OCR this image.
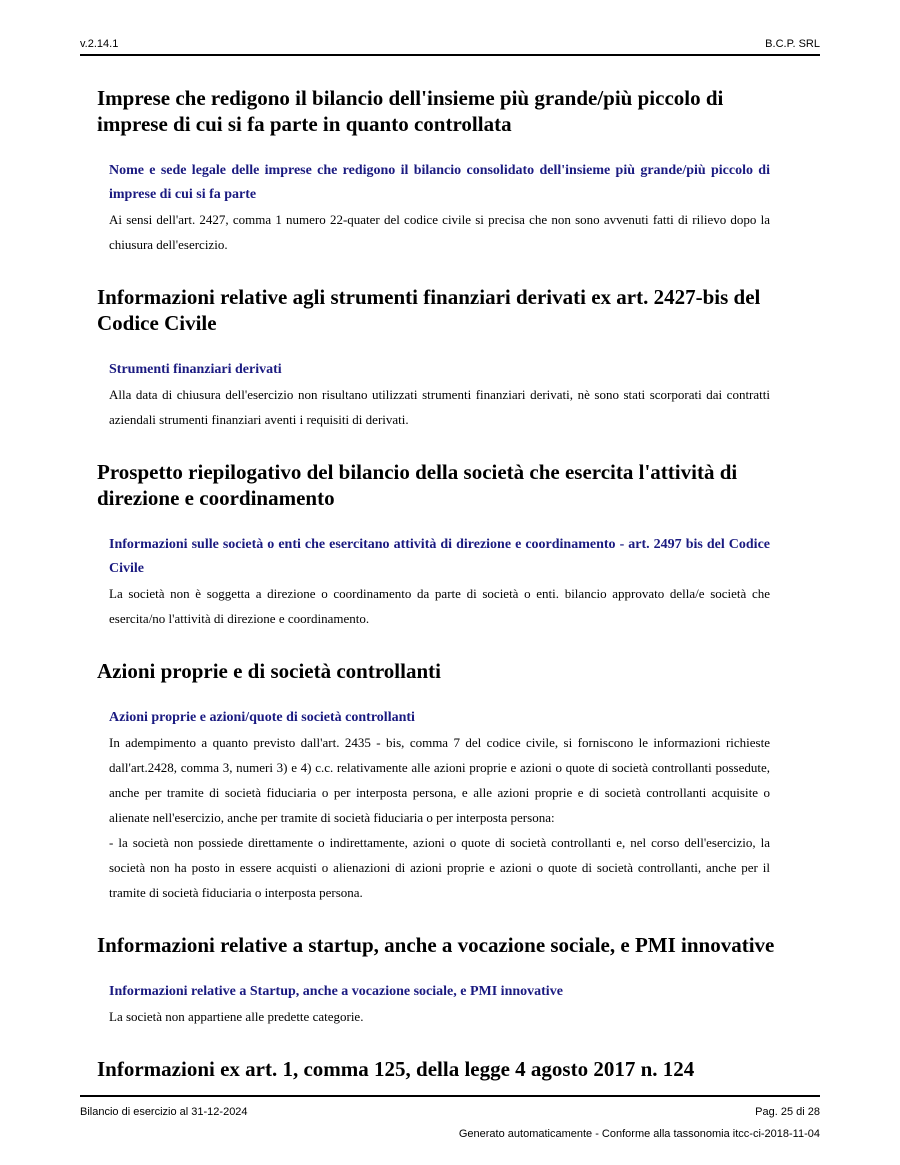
v.2.14.1	B.C.P. SRL
Imprese che redigono il bilancio dell'insieme più grande/più piccolo di imprese di cui si fa parte in quanto controllata
Nome e sede legale delle imprese che redigono il bilancio consolidato dell'insieme più grande/più piccolo di imprese di cui si fa parte

Ai sensi dell'art. 2427, comma 1 numero 22-quater del codice civile si precisa che non sono avvenuti fatti di rilievo dopo la chiusura dell'esercizio.

Informazioni relative agli strumenti finanziari derivati ex art. 2427-bis del Codice Civile
Strumenti finanziari derivati

Alla data di chiusura dell'esercizio non risultano utilizzati strumenti finanziari derivati, nè sono stati scorporati dai contratti aziendali strumenti finanziari aventi i requisiti di derivati.

Prospetto riepilogativo del bilancio della società che esercita l'attività di direzione e coordinamento
Informazioni sulle società o enti che esercitano attività di direzione e coordinamento - art. 2497 bis del Codice Civile

La società non è soggetta a direzione o coordinamento da parte di società o enti. bilancio approvato della/e società che esercita/no l'attività di direzione e coordinamento.

Azioni proprie e di società controllanti
Azioni proprie e azioni/quote di società controllanti

In adempimento a quanto previsto dall'art. 2435 - bis, comma 7 del codice civile, si forniscono le informazioni richieste dall'art.2428, comma 3, numeri 3) e 4) c.c. relativamente alle azioni proprie e azioni o quote di società controllanti possedute, anche per tramite di società fiduciaria o per interposta persona, e alle azioni proprie e di società controllanti acquisite o alienate nell'esercizio, anche per tramite di società fiduciaria o per interposta persona:

- la società non possiede direttamente o indirettamente, azioni o quote di società controllanti e, nel corso dell'esercizio, la società non ha posto in essere acquisti o alienazioni di azioni proprie e azioni o quote di società controllanti, anche per il tramite di società fiduciaria o interposta persona.

Informazioni relative a startup, anche a vocazione sociale, e PMI innovative
Informazioni relative a Startup, anche a vocazione sociale, e PMI innovative

La società non appartiene alle predette categorie.

Informazioni ex art. 1, comma 125, della legge 4 agosto 2017 n. 124
Bilancio di esercizio al 31-12-2024	Pag. 25 di 28
Generato automaticamente - Conforme alla tassonomia itcc-ci-2018-11-04
